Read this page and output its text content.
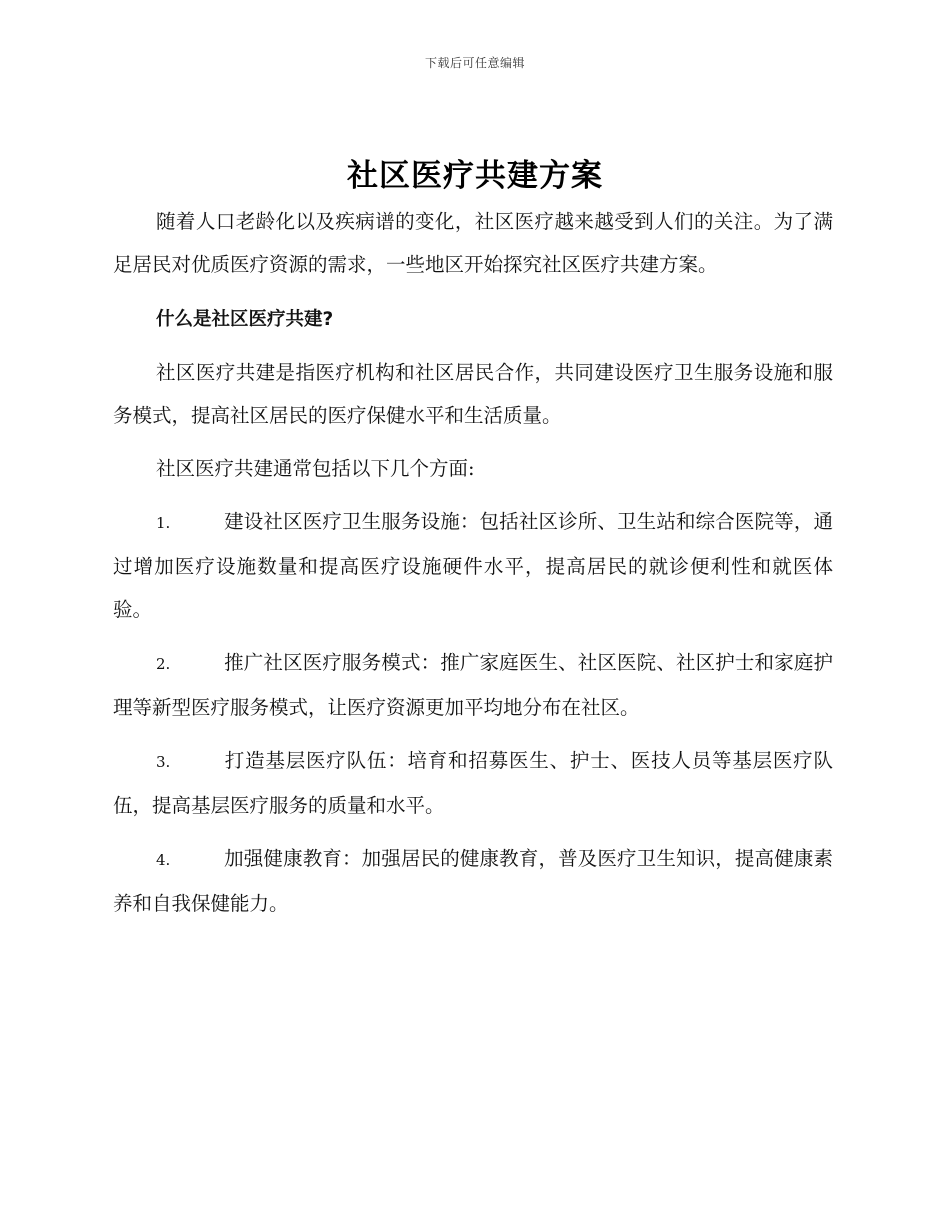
下载后可任意编辑
社区医疗共建方案

随着人口老龄化以及疾病谱的变化，社区医疗越来越受到人们的关注。为了满足居民对优质医疗资源的需求，一些地区开始探究社区医疗共建方案。

什么是社区医疗共建?

社区医疗共建是指医疗机构和社区居民合作，共同建设医疗卫生服务设施和服务模式，提高社区居民的医疗保健水平和生活质量。

社区医疗共建通常包括以下几个方面:

1.	建设社区医疗卫生服务设施：包括社区诊所、卫生站和综合医院等，通过增加医疗设施数量和提高医疗设施硬件水平，提高居民的就诊便利性和就医体验。

2.	推广社区医疗服务模式：推广家庭医生、社区医院、社区护士和家庭护理等新型医疗服务模式，让医疗资源更加平均地分布在社区。

3.	打造基层医疗队伍：培育和招募医生、护士、医技人员等基层医疗队伍，提高基层医疗服务的质量和水平。

4.	加强健康教育：加强居民的健康教育，普及医疗卫生知识，提高健康素养和自我保健能力。
